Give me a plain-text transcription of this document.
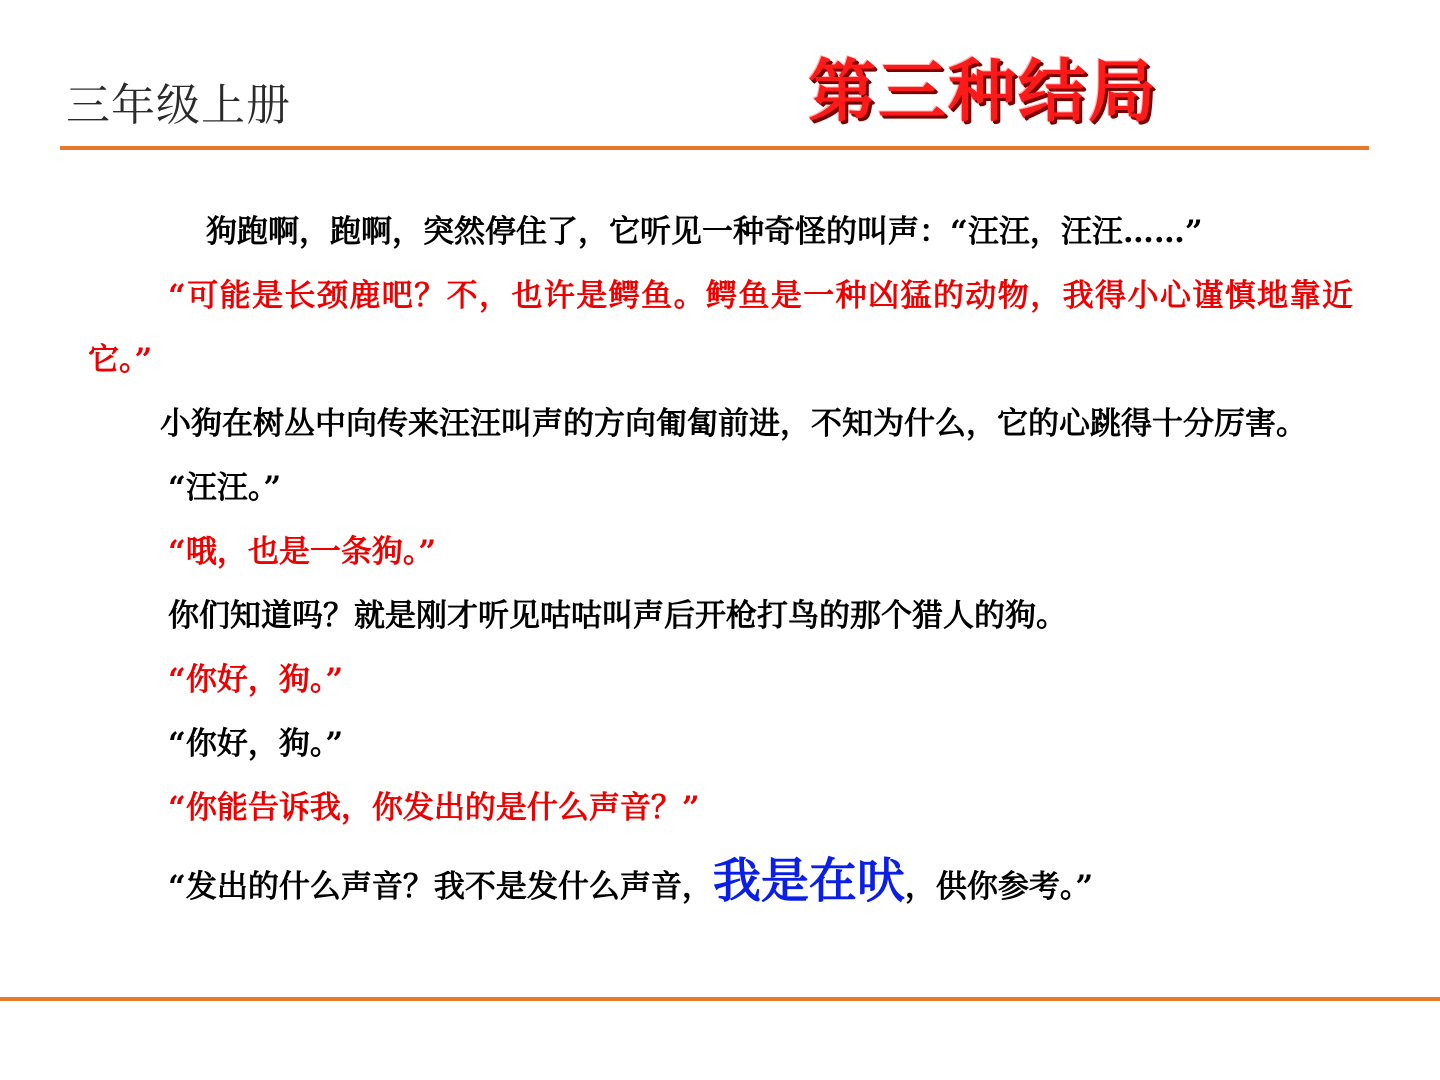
三年级上册	第三种结局

狗跑啊，跑啊，突然停住了，它听见一种奇怪的叫声：“汪汪，汪汪……”

“可能是长颈鹿吧？不，也许是鳄鱼。鳄鱼是一种凶猛的动物，我得小心谨慎地靠近它。”

小狗在树丛中向传来汪汪叫声的方向匍匐前进，不知为什么，它的心跳得十分厉害。

“汪汪。”

“哦，也是一条狗。”

你们知道吗？就是刚才听见咕咕叫声后开枪打鸟的那个猎人的狗。

“你好，狗。”

“你好，狗。”

“你能告诉我，你发出的是什么声音？”

“发出的什么声音？我不是发什么声音，我是在吠，供你参考。”
